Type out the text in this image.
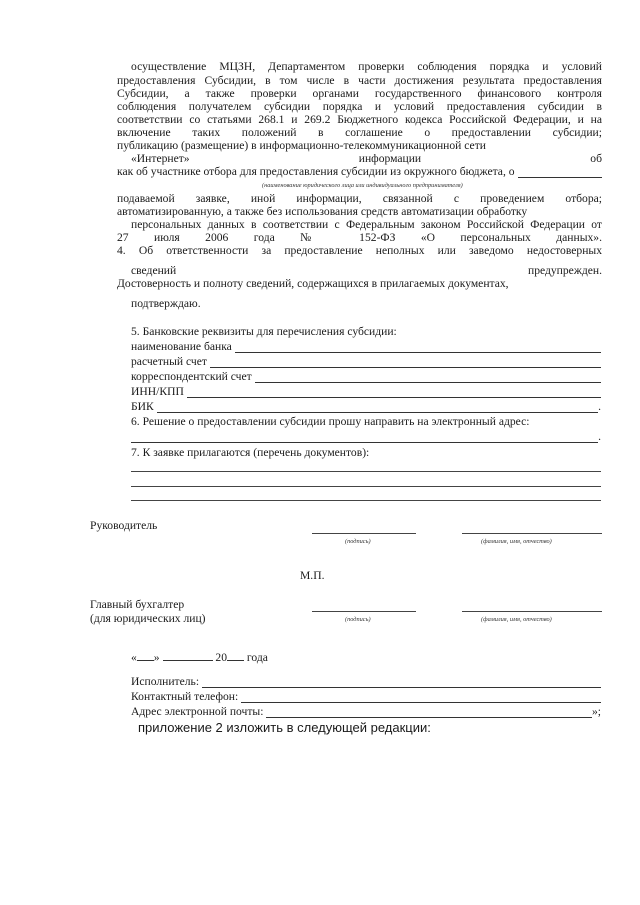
осуществление МЦЗН, Департаментом проверки соблюдения порядка и условий
предоставления Субсидии, в том числе в части достижения результата предоставления
Субсидии, а также проверки органами государственного финансового контроля
соблюдения получателем субсидии порядка и условий предоставления субсидии в
соответствии со статьями 268.1 и 269.2 Бюджетного кодекса Российской Федерации, и на
включение таких положений в соглашение о предоставлении субсидии;
публикацию (размещение) в информационно-телекоммуникационной сети
«Интернет» информации об
как об участнике отбора для предоставления субсидии из окружного бюджета, о
(наименование юридического лица или индивидуального предпринимателя)
подаваемой заявке, иной информации, связанной с проведением отбора;
автоматизированную, а также без использования средств автоматизации обработку
персональных данных в соответствии с Федеральным законом Российской Федерации от
27 июля 2006 года № 152-ФЗ «О персональных данных».
4. Об ответственности за предоставление неполных или заведомо недостоверных
сведений предупрежден.
Достоверность и полноту сведений, содержащихся в прилагаемых документах,
подтверждаю.
5. Банковские реквизиты для перечисления субсидии:
наименование банка
расчетный счет
корреспондентский счет
ИНН/КПП
БИК	.
6. Решение о предоставлении субсидии прошу направить на электронный адрес:
.
7. К заявке прилагаются (перечень документов):
Руководитель
(подпись)	(фамилия, имя, отчество)
М.П.
Главный бухгалтер
(для юридических лиц)	(подпись)	(фамилия, имя, отчество)
« »	20 года
Исполнитель:
Контактный телефон:
Адрес электронной почты:	»;
приложение 2 изложить в следующей редакции:
